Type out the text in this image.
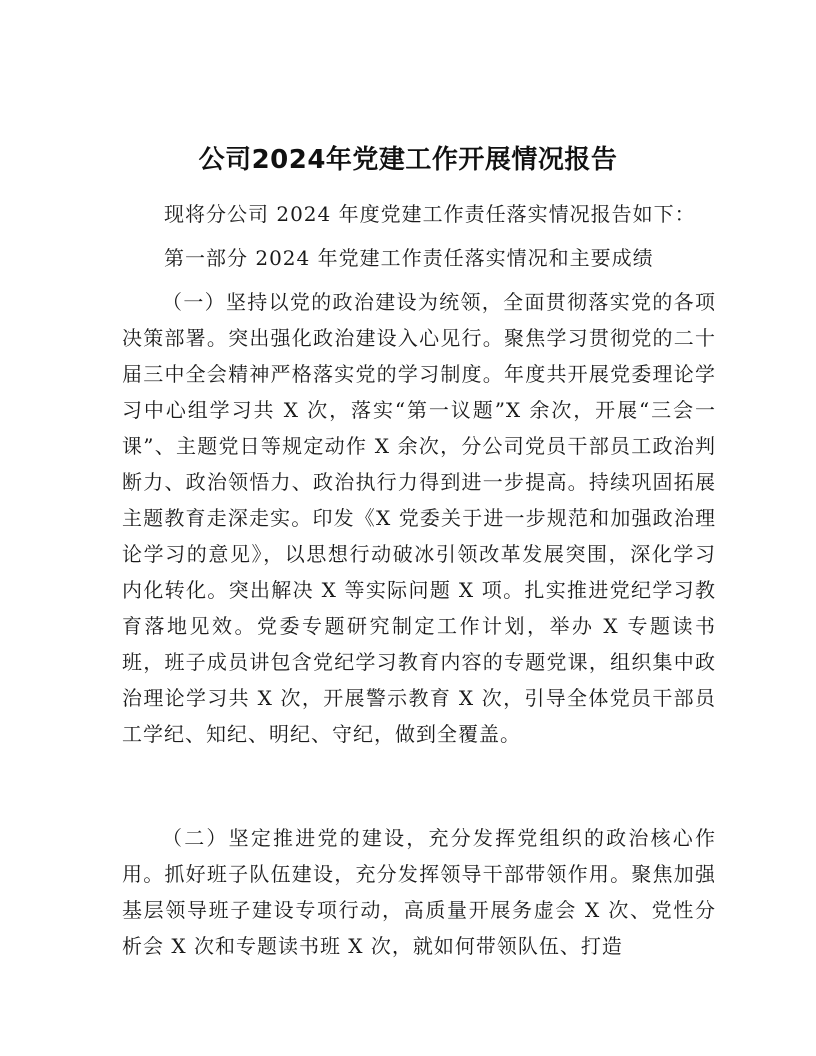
公司2024年党建工作开展情况报告
现将分公司 2024 年度党建工作责任落实情况报告如下：
第一部分 2024 年党建工作责任落实情况和主要成绩
（一）坚持以党的政治建设为统领，全面贯彻落实党的各项决策部署。突出强化政治建设入心见行。聚焦学习贯彻党的二十届三中全会精神严格落实党的学习制度。年度共开展党委理论学习中心组学习共 X 次，落实“第一议题”X 余次，开展“三会一课”、主题党日等规定动作 X 余次，分公司党员干部员工政治判断力、政治领悟力、政治执行力得到进一步提高。持续巩固拓展主题教育走深走实。印发《X 党委关于进一步规范和加强政治理论学习的意见》，以思想行动破冰引领改革发展突围，深化学习内化转化。突出解决 X 等实际问题 X 项。扎实推进党纪学习教育落地见效。党委专题研究制定工作计划，举办 X 专题读书班，班子成员讲包含党纪学习教育内容的专题党课，组织集中政治理论学习共 X 次，开展警示教育 X 次，引导全体党员干部员工学纪、知纪、明纪、守纪，做到全覆盖。
（二）坚定推进党的建设，充分发挥党组织的政治核心作用。抓好班子队伍建设，充分发挥领导干部带领作用。聚焦加强基层领导班子建设专项行动，高质量开展务虚会 X 次、党性分析会 X 次和专题读书班 X 次，就如何带领队伍、打造
